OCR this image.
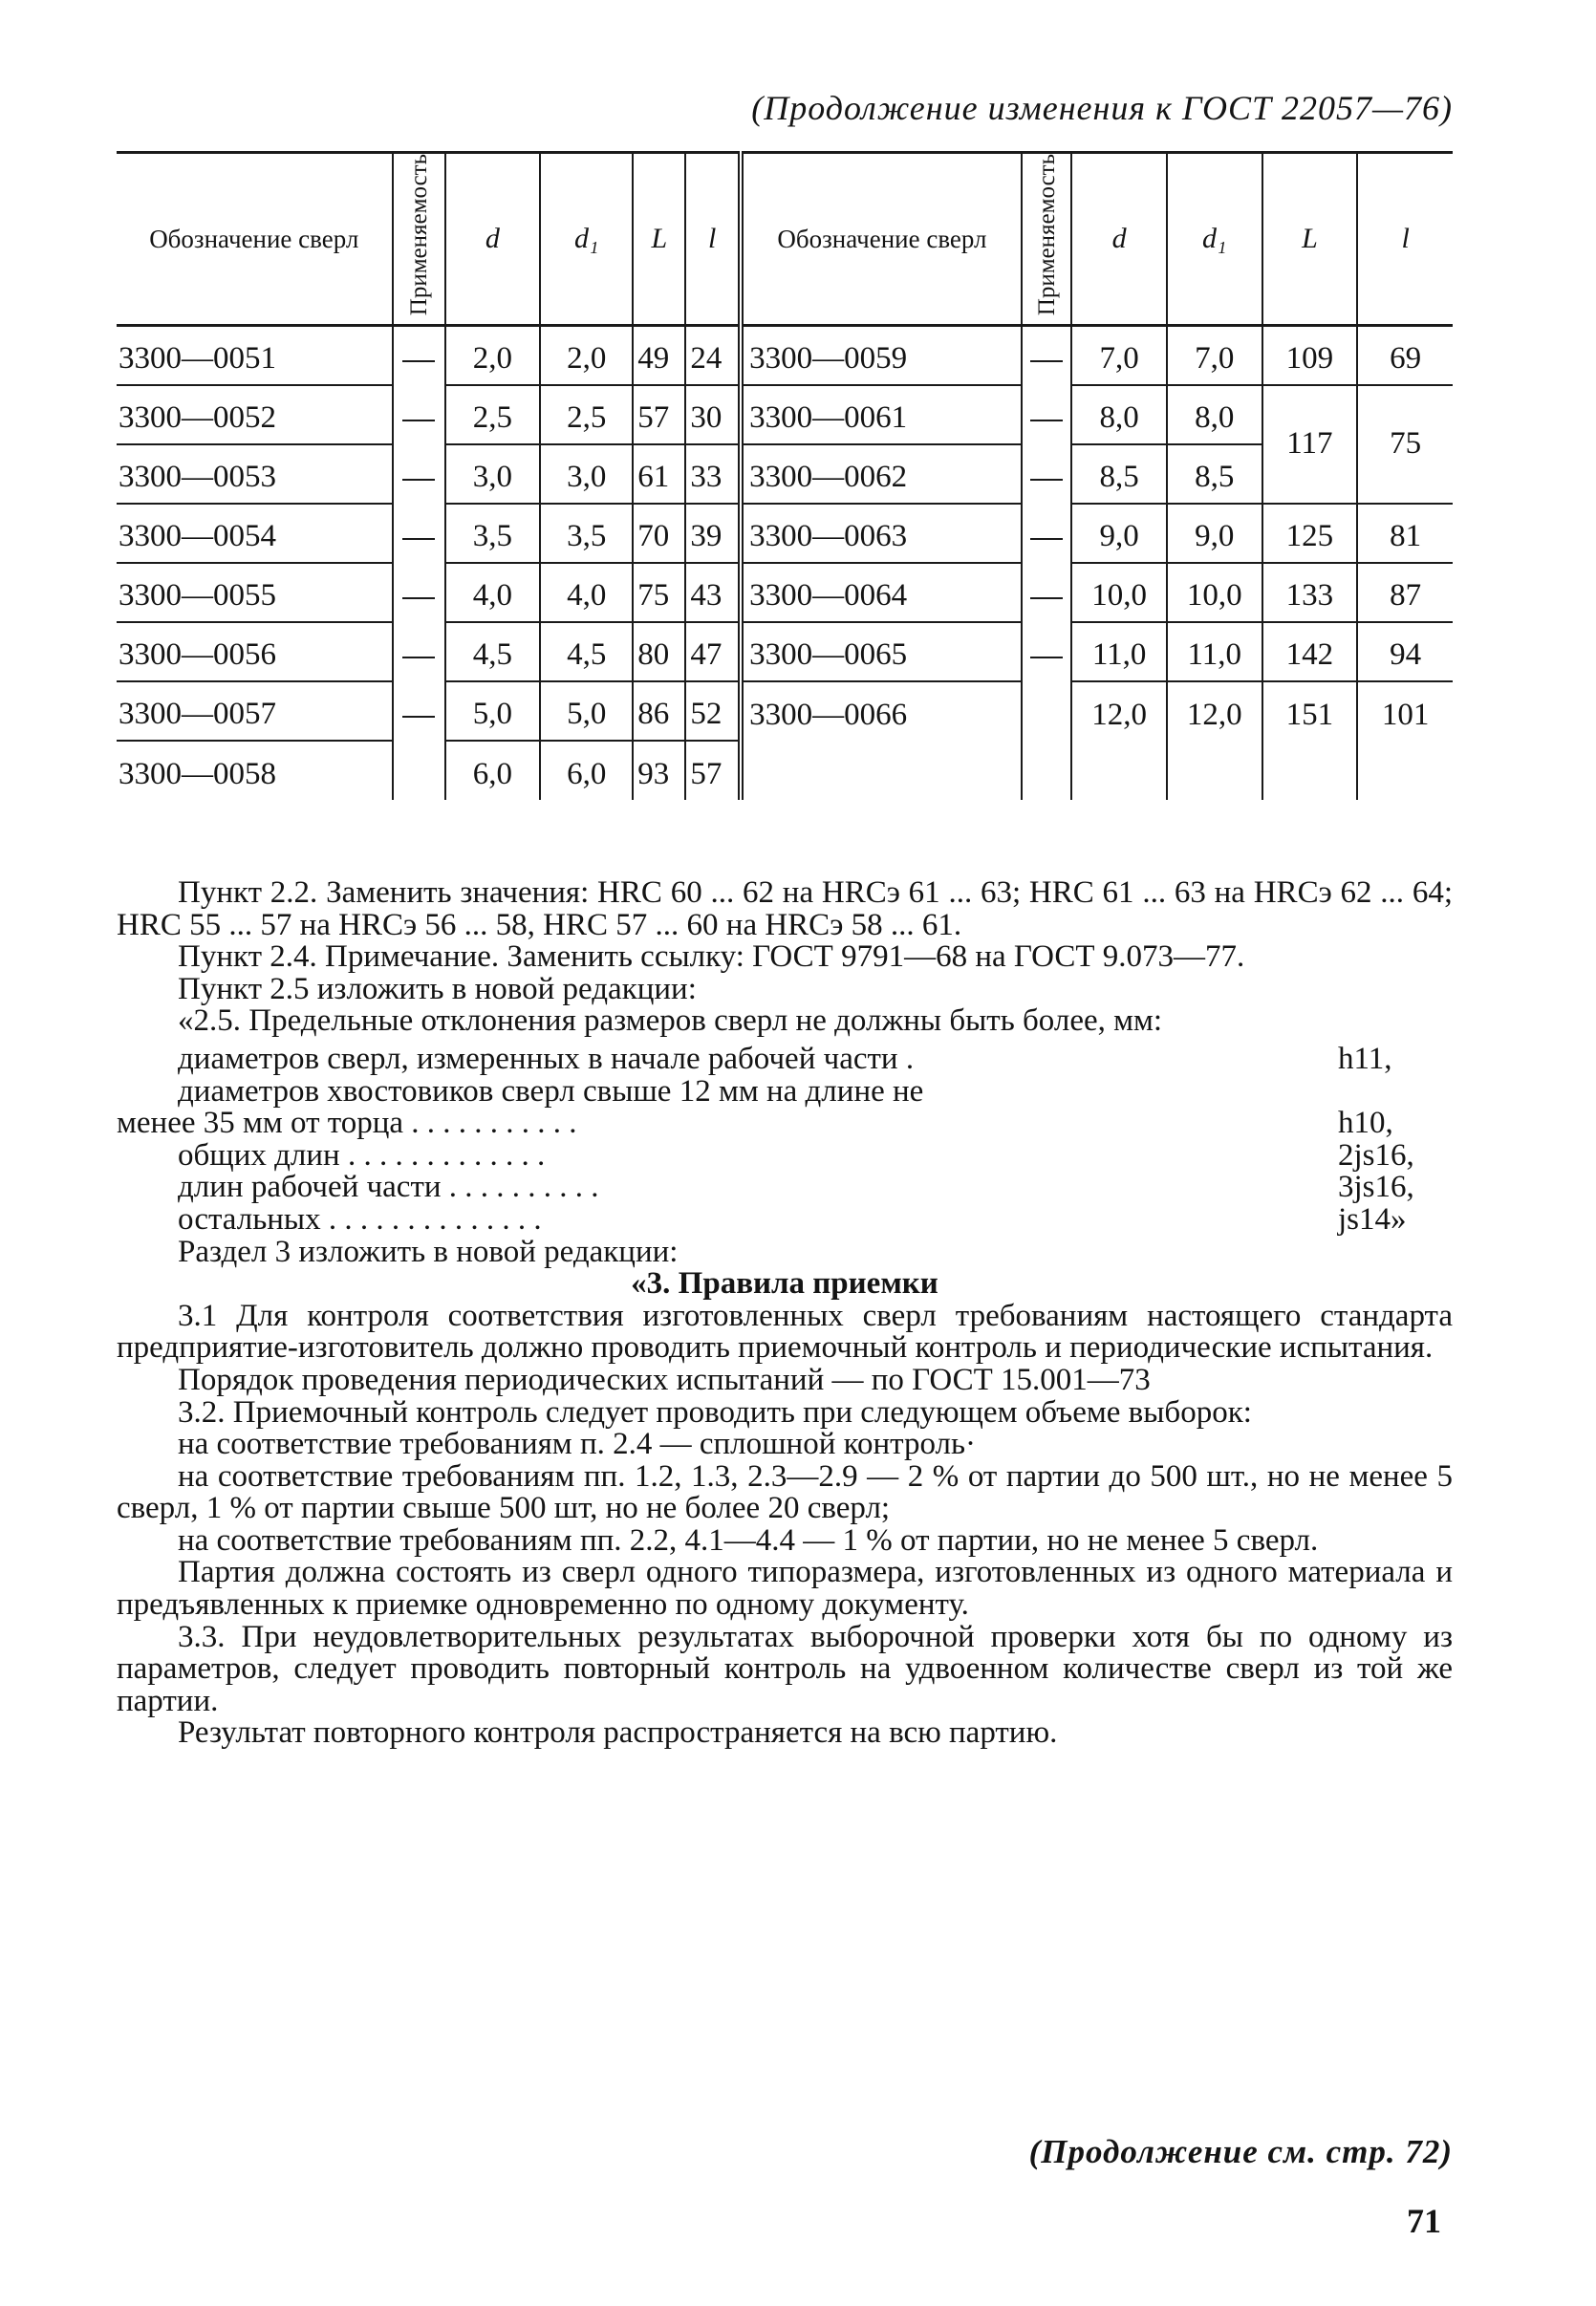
(Продолжение изменения к ГОСТ 22057—76)
Обозначение сверл	Применяемость	d	d₁	L	l	Обозначение сверл	Применяемость	d	d₁	L	l
3300—0051		2,0	2,0	49	24	3300—0059		7,0	7,0	109	69
3300—0052		2,5	2,5	57	30	3300—0061		8,0	8,0	117	75
3300—0053		3,0	3,0	61	33	3300—0062		8,5	8,5		
3300—0054		3,5	3,5	70	39	3300—0063		9,0	9,0	125	81
3300—0055		4,0	4,0	75	43	3300—0064		10,0	10,0	133	87
3300—0056		4,5	4,5	80	47	3300—0065		11,0	11,0	142	94
3300—0057		5,0	5,0	86	52	3300—0066		12,0	12,0	151	101
3300—0058		6,0	6,0	93	57						

Пункт 2.2. Заменить значения: HRC 60 ... 62 на HRCэ 61 ... 63; HRC 61 ... 63 на HRCэ 62 ... 64; HRC 55 ... 57 на HRCэ 56 ... 58, HRC 57 ... 60 на HRCэ 58 ... 61.

Пункт 2.4. Примечание. Заменить ссылку: ГОСТ 9791—68 на ГОСТ 9.073—77.

Пункт 2.5 изложить в новой редакции:

«2.5. Предельные отклонения размеров сверл не должны быть более, мм:

диаметров сверл, измеренных в начале рабочей части .	h11,
диаметров хвостовиков сверл свыше 12 мм на длине не
менее 35 мм от торца . . . . . . . . . . .	h10,
общих длин . . . . . . . . . . . . .	2js16,
длин рабочей части . . . . . . . . . .	3js16,
остальных . . . . . . . . . . . . . .	js14»

Раздел 3 изложить в новой редакции:

«3. Правила приемки

3.1 Для контроля соответствия изготовленных сверл требованиям настоящего стандарта предприятие-изготовитель должно проводить приемочный контроль и периодические испытания.

Порядок проведения периодических испытаний — по ГОСТ 15.001—73

3.2. Приемочный контроль следует проводить при следующем объеме выборок:

на соответствие требованиям п. 2.4 — сплошной контроль·

на соответствие требованиям пп. 1.2, 1.3, 2.3—2.9 — 2 % от партии до 500 шт., но не менее 5 сверл, 1 % от партии свыше 500 шт, но не более 20 сверл;

на соответствие требованиям пп. 2.2, 4.1—4.4 — 1 % от партии, но не менее 5 сверл.

Партия должна состоять из сверл одного типоразмера, изготовленных из одного материала и предъявленных к приемке одновременно по одному документу.

3.3. При неудовлетворительных результатах выборочной проверки хотя бы по одному из параметров, следует проводить повторный контроль на удвоенном количестве сверл из той же партии.

Результат повторного контроля распространяется на всю партию.

(Продолжение см. стр. 72)
71
